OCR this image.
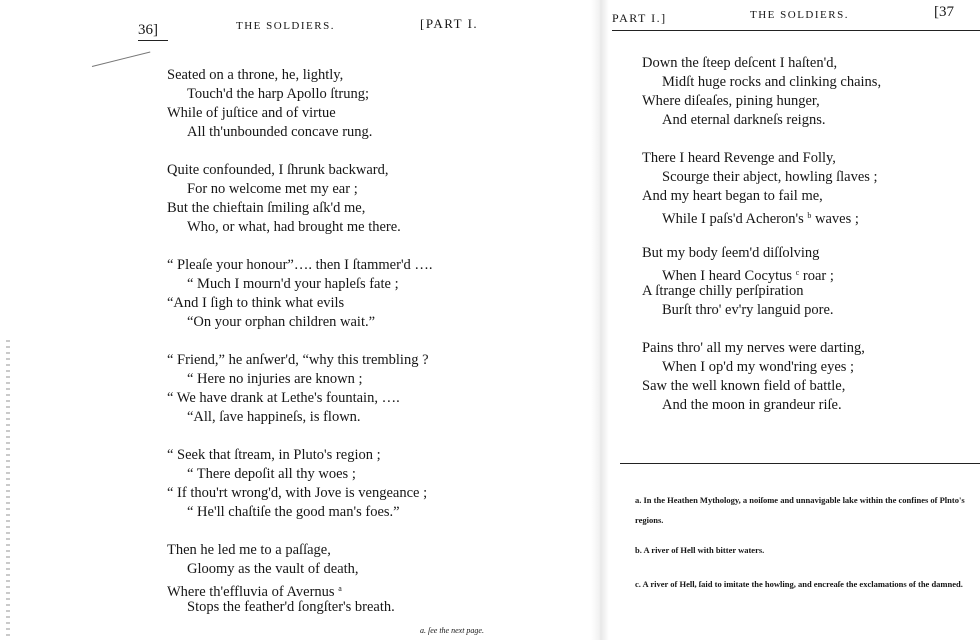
36]	THE SOLDIERS.	[PART I.
Seated on a throne, he, lightly,
Touch'd the harp Apollo ſtrung;
While of juſtice and of virtue
All th'unbounded concave rung.
Quite confounded, I ſhrunk backward,
For no welcome met my ear ;
But the chieftain ſmiling aſk'd me,
Who, or what, had brought me there.
“ Pleaſe your honour”…. then I ſtammer'd ….
“ Much I mourn'd your hapleſs fate ;
“And I ſigh to think what evils
“On your orphan children wait.”
“ Friend,” he anſwer'd, “why this trembling ?
“ Here no injuries are known ;
“ We have drank at Lethe's fountain, ….
“All, ſave happineſs, is flown.
“ Seek that ſtream, in Pluto's region ;
“ There depoſit all thy woes ;
“ If thou'rt wrong'd, with Jove is vengeance ;
“ He'll chaſtiſe the good man's foes.”
Then he led me to a paſſage,
Gloomy as the vault of death,
Where th'effluvia of Avernus $^a$
Stops the feather'd ſongſter's breath.
a. ſee the next page.
PART I.]	THE SOLDIERS.	[37
Down the ſteep deſcent I haſten'd,
Midſt huge rocks and clinking chains,
Where diſeaſes, pining hunger,
And eternal darkneſs reigns.
There I heard Revenge and Folly,
Scourge their abject, howling ſlaves ;
And my heart began to fail me,
While I paſs'd Acheron's $^b$ waves ;
But my body ſeem'd diſſolving
When I heard Cocytus $^c$ roar ;
A ſtrange chilly perſpiration
Burſt thro' ev'ry languid pore.
Pains thro' all my nerves were darting,
When I op'd my wond'ring eyes ;
Saw the well known field of battle,
And the moon in grandeur riſe.
a. In the Heathen Mythology, a noiſome and unnavigable lake within the confines of Plnto's regions.
b. A river of Hell with bitter waters.
c. A river of Hell, ſaid to imitate the howling, and encreaſe the exclamations of the damned.
